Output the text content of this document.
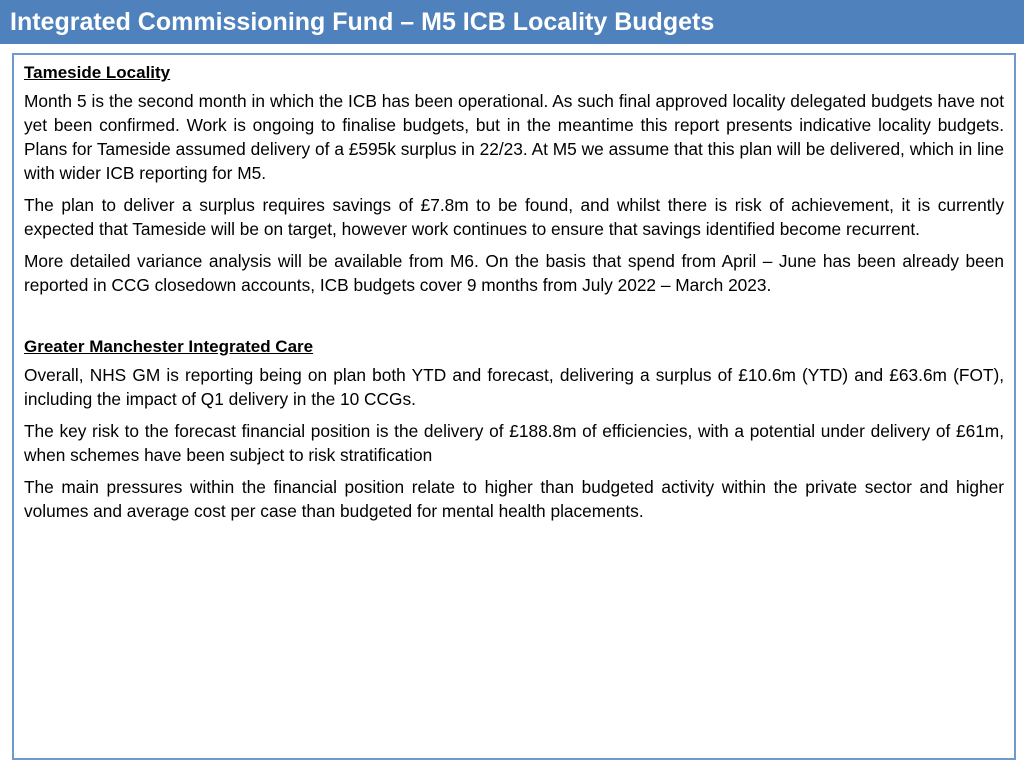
Integrated Commissioning Fund – M5 ICB Locality Budgets
Tameside Locality

Month 5 is the second month in which the ICB has been operational. As such final approved locality delegated budgets have not yet been confirmed. Work is ongoing to finalise budgets, but in the meantime this report presents indicative locality budgets. Plans for Tameside assumed delivery of a £595k surplus in 22/23. At M5 we assume that this plan will be delivered, which in line with wider ICB reporting for M5.

The plan to deliver a surplus requires savings of £7.8m to be found, and whilst there is risk of achievement, it is currently expected that Tameside will be on target, however work continues to ensure that savings identified become recurrent.

More detailed variance analysis will be available from M6. On the basis that spend from April – June has been already been reported in CCG closedown accounts, ICB budgets cover 9 months from July 2022 – March 2023.

Greater Manchester Integrated Care

Overall, NHS GM is reporting being on plan both YTD and forecast, delivering a surplus of £10.6m (YTD) and £63.6m (FOT), including the impact of Q1 delivery in the 10 CCGs.

The key risk to the forecast financial position is the delivery of £188.8m of efficiencies, with a potential under delivery of £61m, when schemes have been subject to risk stratification

The main pressures within the financial position relate to higher than budgeted activity within the private sector and higher volumes and average cost per case than budgeted for mental health placements.
